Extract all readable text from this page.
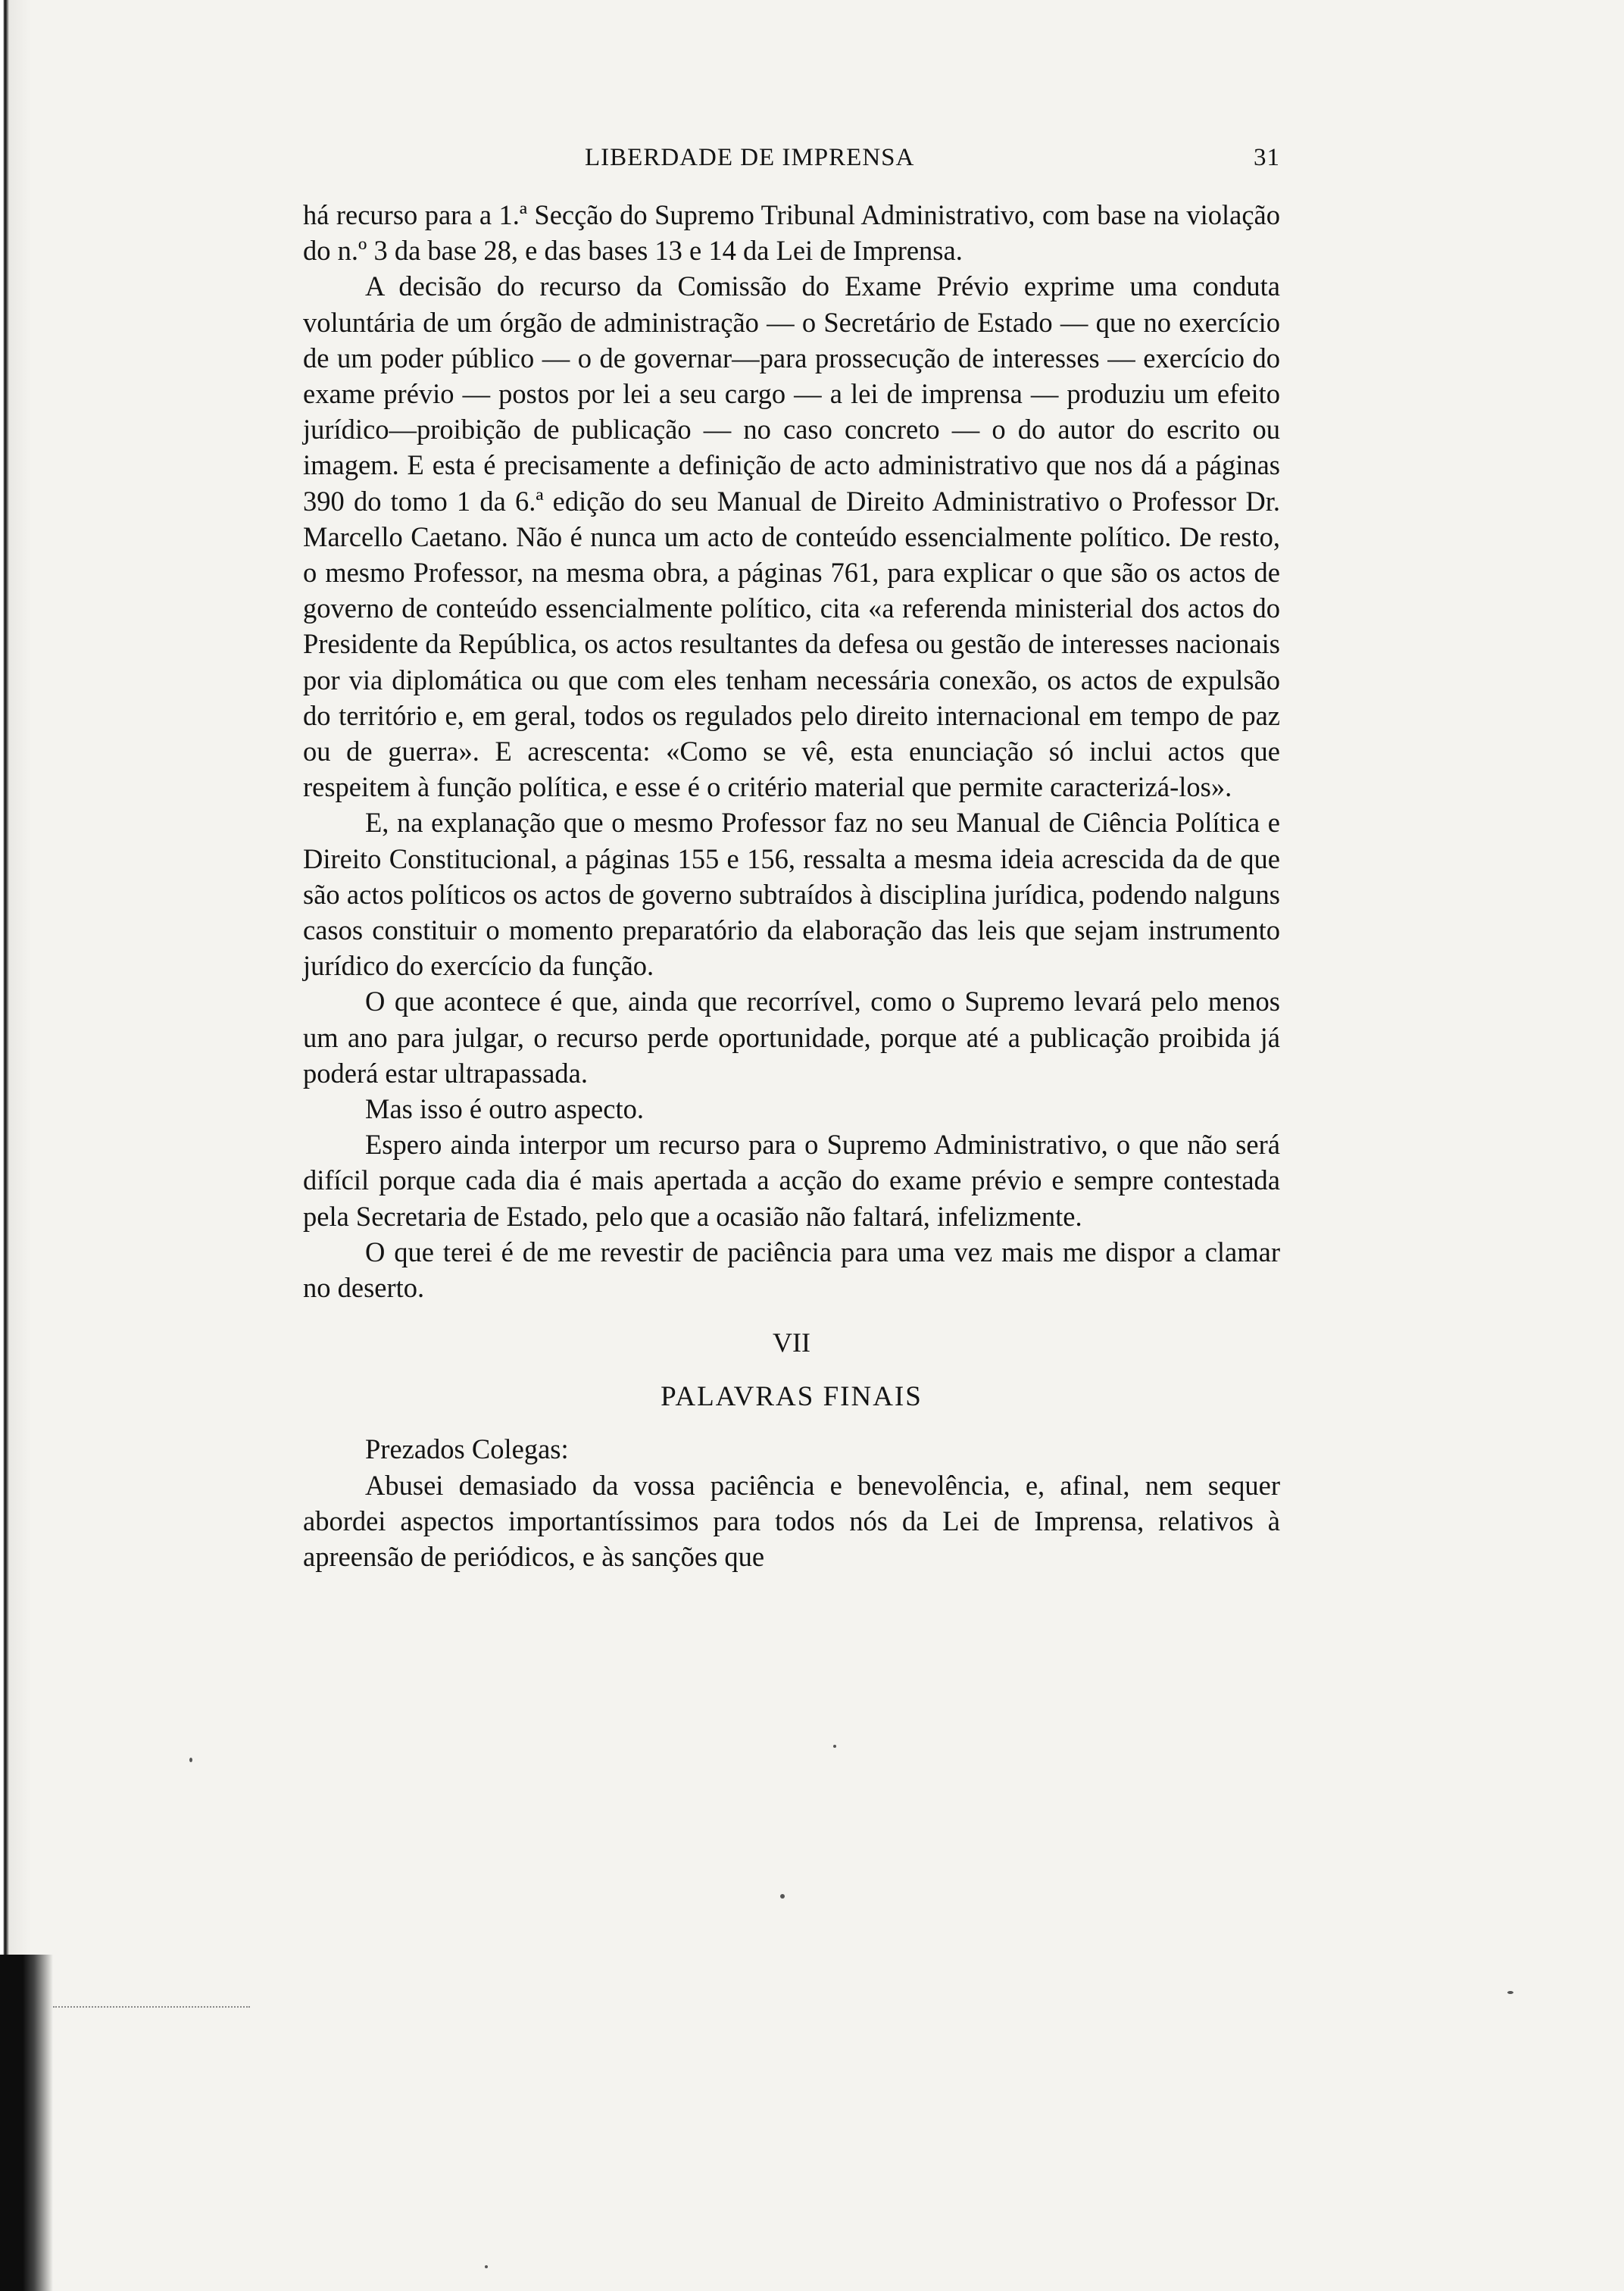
LIBERDADE DE IMPRENSA	31

há recurso para a 1.ª Secção do Supremo Tribunal Administrativo, com base na violação do n.º 3 da base 28, e das bases 13 e 14 da Lei de Imprensa.

A decisão do recurso da Comissão do Exame Prévio exprime uma conduta voluntária de um órgão de administração — o Secretário de Estado — que no exercício de um poder público — o de governar—para prossecução de interesses — exercício do exame prévio — postos por lei a seu cargo — a lei de imprensa — produziu um efeito jurídico—proibição de publicação — no caso concreto — o do autor do escrito ou imagem. E esta é precisamente a definição de acto administrativo que nos dá a páginas 390 do tomo 1 da 6.ª edição do seu Manual de Direito Administrativo o Professor Dr. Marcello Caetano. Não é nunca um acto de conteúdo essencialmente político. De resto, o mesmo Professor, na mesma obra, a páginas 761, para explicar o que são os actos de governo de conteúdo essencialmente político, cita «a referenda ministerial dos actos do Presidente da República, os actos resultantes da defesa ou gestão de interesses nacionais por via diplomática ou que com eles tenham necessária conexão, os actos de expulsão do território e, em geral, todos os regulados pelo direito internacional em tempo de paz ou de guerra». E acrescenta: «Como se vê, esta enunciação só inclui actos que respeitem à função política, e esse é o critério material que permite caracterizá-los».

E, na explanação que o mesmo Professor faz no seu Manual de Ciência Política e Direito Constitucional, a páginas 155 e 156, ressalta a mesma ideia acrescida da de que são actos políticos os actos de governo subtraídos à disciplina jurídica, podendo nalguns casos constituir o momento preparatório da elaboração das leis que sejam instrumento jurídico do exercício da função.

O que acontece é que, ainda que recorrível, como o Supremo levará pelo menos um ano para julgar, o recurso perde oportunidade, porque até a publicação proibida já poderá estar ultrapassada.

Mas isso é outro aspecto.

Espero ainda interpor um recurso para o Supremo Administrativo, o que não será difícil porque cada dia é mais apertada a acção do exame prévio e sempre contestada pela Secretaria de Estado, pelo que a ocasião não faltará, infelizmente.

O que terei é de me revestir de paciência para uma vez mais me dispor a clamar no deserto.

VII
PALAVRAS FINAIS

Prezados Colegas:

Abusei demasiado da vossa paciência e benevolência, e, afinal, nem sequer abordei aspectos importantíssimos para todos nós da Lei de Imprensa, relativos à apreensão de periódicos, e às sanções que
